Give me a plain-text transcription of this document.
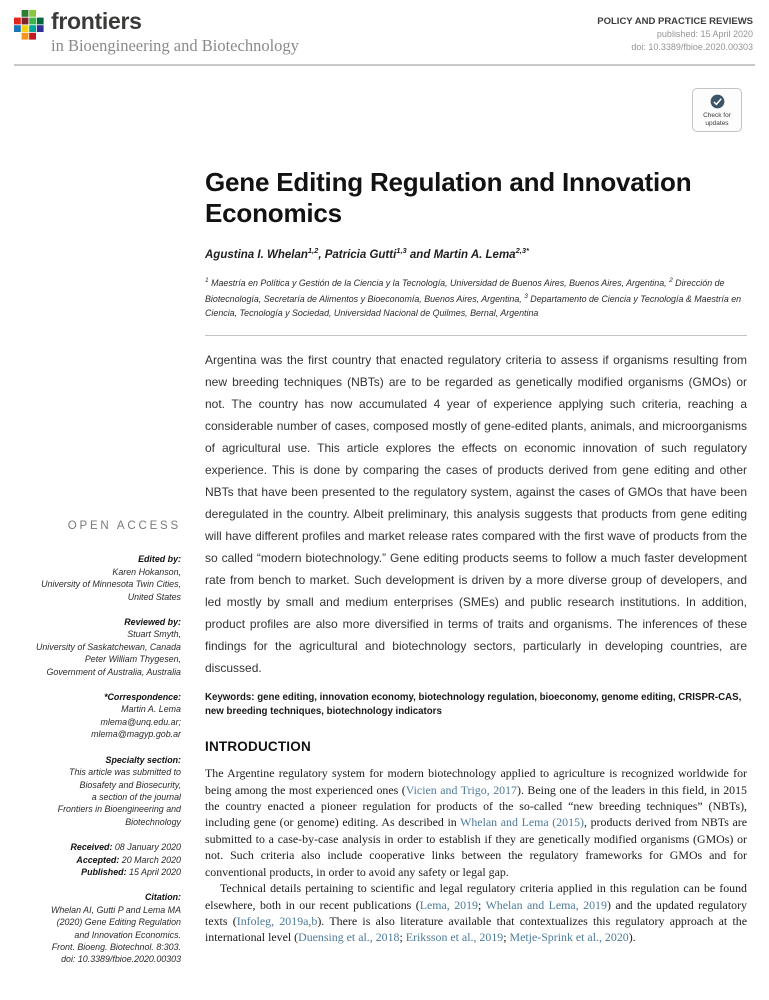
frontiers
in Bioengineering and Biotechnology
POLICY AND PRACTICE REVIEWS
published: 15 April 2020
doi: 10.3389/fbioe.2020.00303
Check for
updates
OPEN ACCESS
Edited by:
Karen Hokanson,
University of Minnesota Twin Cities,
United States
Reviewed by:
Stuart Smyth,
University of Saskatchewan, Canada
Peter William Thygesen,
Government of Australia, Australia
*Correspondence:
Martin A. Lema
mlema@unq.edu.ar;
mlema@magyp.gob.ar
Specialty section:
This article was submitted to
Biosafety and Biosecurity,
a section of the journal
Frontiers in Bioengineering and
Biotechnology
Received: 08 January 2020
Accepted: 20 March 2020
Published: 15 April 2020
Citation:
Whelan AI, Gutti P and Lema MA
(2020) Gene Editing Regulation
and Innovation Economics.
Front. Bioeng. Biotechnol. 8:303.
doi: 10.3389/fbioe.2020.00303
Gene Editing Regulation and Innovation Economics
Agustina I. Whelan$^{1,2}$, Patricia Gutti$^{1,3}$ and Martin A. Lema$^{2,3*}$
$^1$ Maestría en Política y Gestión de la Ciencia y la Tecnología, Universidad de Buenos Aires, Buenos Aires, Argentina, $^2$ Dirección de Biotecnología, Secretaría de Alimentos y Bioeconomía, Buenos Aires, Argentina, $^3$ Departamento de Ciencia y Tecnología & Maestría en Ciencia, Tecnología y Sociedad, Universidad Nacional de Quilmes, Bernal, Argentina

Argentina was the first country that enacted regulatory criteria to assess if organisms resulting from new breeding techniques (NBTs) are to be regarded as genetically modified organisms (GMOs) or not. The country has now accumulated 4 year of experience applying such criteria, reaching a considerable number of cases, composed mostly of gene-edited plants, animals, and microorganisms of agricultural use. This article explores the effects on economic innovation of such regulatory experience. This is done by comparing the cases of products derived from gene editing and other NBTs that have been presented to the regulatory system, against the cases of GMOs that have been deregulated in the country. Albeit preliminary, this analysis suggests that products from gene editing will have different profiles and market release rates compared with the first wave of products from the so called “modern biotechnology.” Gene editing products seems to follow a much faster development rate from bench to market. Such development is driven by a more diverse group of developers, and led mostly by small and medium enterprises (SMEs) and public research institutions. In addition, product profiles are also more diversified in terms of traits and organisms. The inferences of these findings for the agricultural and biotechnology sectors, particularly in developing countries, are discussed.

Keywords: gene editing, innovation economy, biotechnology regulation, bioeconomy, genome editing, CRISPR-CAS, new breeding techniques, biotechnology indicators

INTRODUCTION

The Argentine regulatory system for modern biotechnology applied to agriculture is recognized worldwide for being among the most experienced ones (Vicien and Trigo, 2017). Being one of the leaders in this field, in 2015 the country enacted a pioneer regulation for products of the so-called “new breeding techniques” (NBTs), including gene (or genome) editing. As described in Whelan and Lema (2015), products derived from NBTs are submitted to a case-by-case analysis in order to establish if they are genetically modified organisms (GMOs) or not. Such criteria also include cooperative links between the regulatory frameworks for GMOs and for conventional products, in order to avoid any safety or legal gap.

Technical details pertaining to scientific and legal regulatory criteria applied in this regulation can be found elsewhere, both in our recent publications (Lema, 2019; Whelan and Lema, 2019) and the updated regulatory texts (Infoleg, 2019a,b). There is also literature available that contextualizes this regulatory approach at the international level (Duensing et al., 2018; Eriksson et al., 2019; Metje-Sprink et al., 2020).
